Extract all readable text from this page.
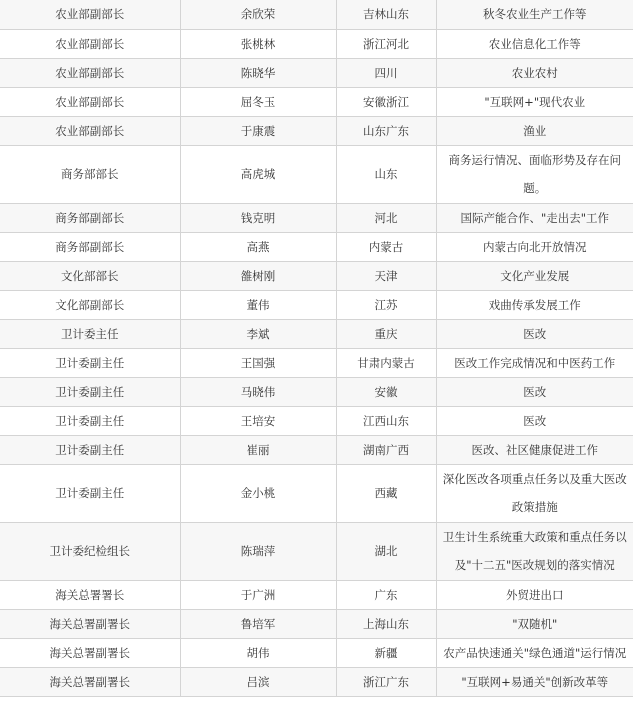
农业部副部长	余欣荣	吉林山东	秋冬农业生产工作等
农业部副部长	张桃林	浙江河北	农业信息化工作等
农业部副部长	陈晓华	四川	农业农村
农业部副部长	屈冬玉	安徽浙江	"互联网+"现代农业
农业部副部长	于康震	山东广东	渔业
商务部部长	高虎城	山东	商务运行情况、面临形势及存在问题。
商务部副部长	钱克明	河北	国际产能合作、"走出去"工作
商务部副部长	高燕	内蒙古	内蒙古向北开放情况
文化部部长	雒树刚	天津	文化产业发展
文化部副部长	董伟	江苏	戏曲传承发展工作
卫计委主任	李斌	重庆	医改
卫计委副主任	王国强	甘肃内蒙古	医改工作完成情况和中医药工作
卫计委副主任	马晓伟	安徽	医改
卫计委副主任	王培安	江西山东	医改
卫计委副主任	崔丽	湖南广西	医改、社区健康促进工作
卫计委副主任	金小桃	西藏	深化医改各项重点任务以及重大医改政策措施
卫计委纪检组长	陈瑞萍	湖北	卫生计生系统重大政策和重点任务以及"十二五"医改规划的落实情况
海关总署署长	于广洲	广东	外贸进出口
海关总署副署长	鲁培军	上海山东	"双随机"
海关总署副署长	胡伟	新疆	农产品快速通关"绿色通道"运行情况
海关总署副署长	吕滨	浙江广东	"互联网+易通关"创新改革等
